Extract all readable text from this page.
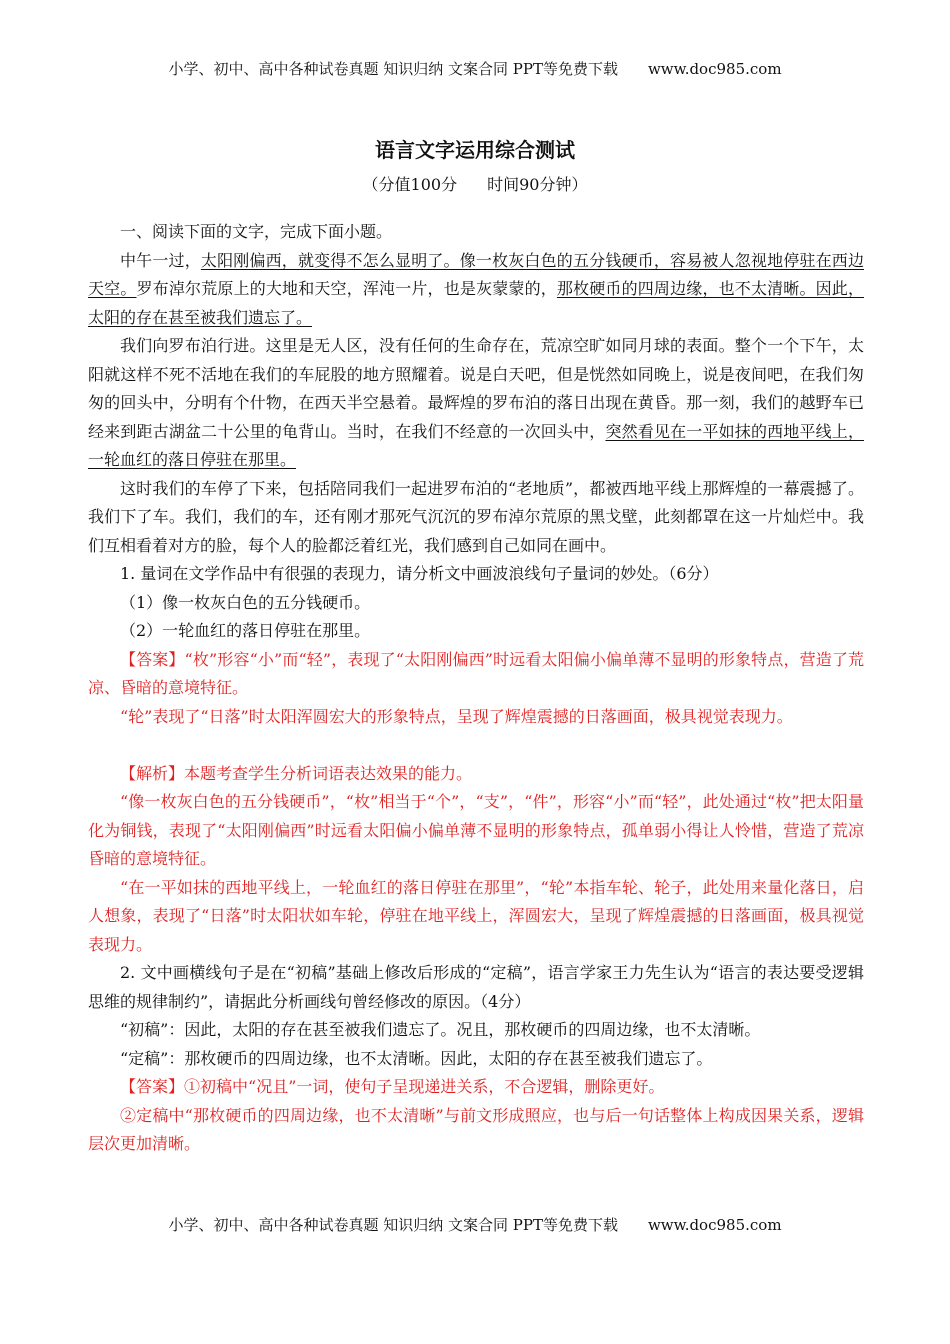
小学、初中、高中各种试卷真题 知识归纳 文案合同 PPT等免费下载 www.doc985.com
语言文字运用综合测试
（分值100分 时间90分钟）

一、阅读下面的文字，完成下面小题。

中午一过，太阳刚偏西，就变得不怎么显明了。像一枚灰白色的五分钱硬币，容易被人忽视地停驻在西边天空。罗布淖尔荒原上的大地和天空，浑沌一片，也是灰蒙蒙的，那枚硬币的四周边缘，也不太清晰。因此，太阳的存在甚至被我们遗忘了。

我们向罗布泊行进。这里是无人区，没有任何的生命存在，荒凉空旷如同月球的表面。整个一个下午，太阳就这样不死不活地在我们的车屁股的地方照耀着。说是白天吧，但是恍然如同晚上，说是夜间吧，在我们匆匆的回头中，分明有个什物，在西天半空悬着。最辉煌的罗布泊的落日出现在黄昏。那一刻，我们的越野车已经来到距古湖盆二十公里的龟背山。当时，在我们不经意的一次回头中，突然看见在一平如抹的西地平线上，一轮血红的落日停驻在那里。

这时我们的车停了下来，包括陪同我们一起进罗布泊的“老地质”，都被西地平线上那辉煌的一幕震撼了。我们下了车。我们，我们的车，还有刚才那死气沉沉的罗布淖尔荒原的黑戈壁，此刻都罩在这一片灿烂中。我们互相看着对方的脸，每个人的脸都泛着红光，我们感到自己如同在画中。

1. 量词在文学作品中有很强的表现力，请分析文中画波浪线句子量词的妙处。（6分）

（1）像一枚灰白色的五分钱硬币。

（2）一轮血红的落日停驻在那里。

【答案】“枚”形容“小”而“轻”，表现了“太阳刚偏西”时远看太阳偏小偏单薄不显明的形象特点，营造了荒凉、昏暗的意境特征。

“轮”表现了“日落”时太阳浑圆宏大的形象特点，呈现了辉煌震撼的日落画面，极具视觉表现力。

【解析】本题考查学生分析词语表达效果的能力。

“像一枚灰白色的五分钱硬币”，“枚”相当于“个”，“支”，“件”，形容“小”而“轻”，此处通过“枚”把太阳量化为铜钱，表现了“太阳刚偏西”时远看太阳偏小偏单薄不显明的形象特点，孤单弱小得让人怜惜，营造了荒凉昏暗的意境特征。

“在一平如抹的西地平线上，一轮血红的落日停驻在那里”，“轮”本指车轮、轮子，此处用来量化落日，启人想象，表现了“日落”时太阳状如车轮，停驻在地平线上，浑圆宏大，呈现了辉煌震撼的日落画面，极具视觉表现力。

2. 文中画横线句子是在“初稿”基础上修改后形成的“定稿”，语言学家王力先生认为“语言的表达要受逻辑思维的规律制约”，请据此分析画线句曾经修改的原因。（4分）

“初稿”：因此，太阳的存在甚至被我们遗忘了。况且，那枚硬币的四周边缘，也不太清晰。

“定稿”：那枚硬币的四周边缘，也不太清晰。因此，太阳的存在甚至被我们遗忘了。

【答案】①初稿中“况且”一词，使句子呈现递进关系，不合逻辑，删除更好。

②定稿中“那枚硬币的四周边缘，也不太清晰”与前文形成照应，也与后一句话整体上构成因果关系，逻辑层次更加清晰。

小学、初中、高中各种试卷真题 知识归纳 文案合同 PPT等免费下载 www.doc985.com
